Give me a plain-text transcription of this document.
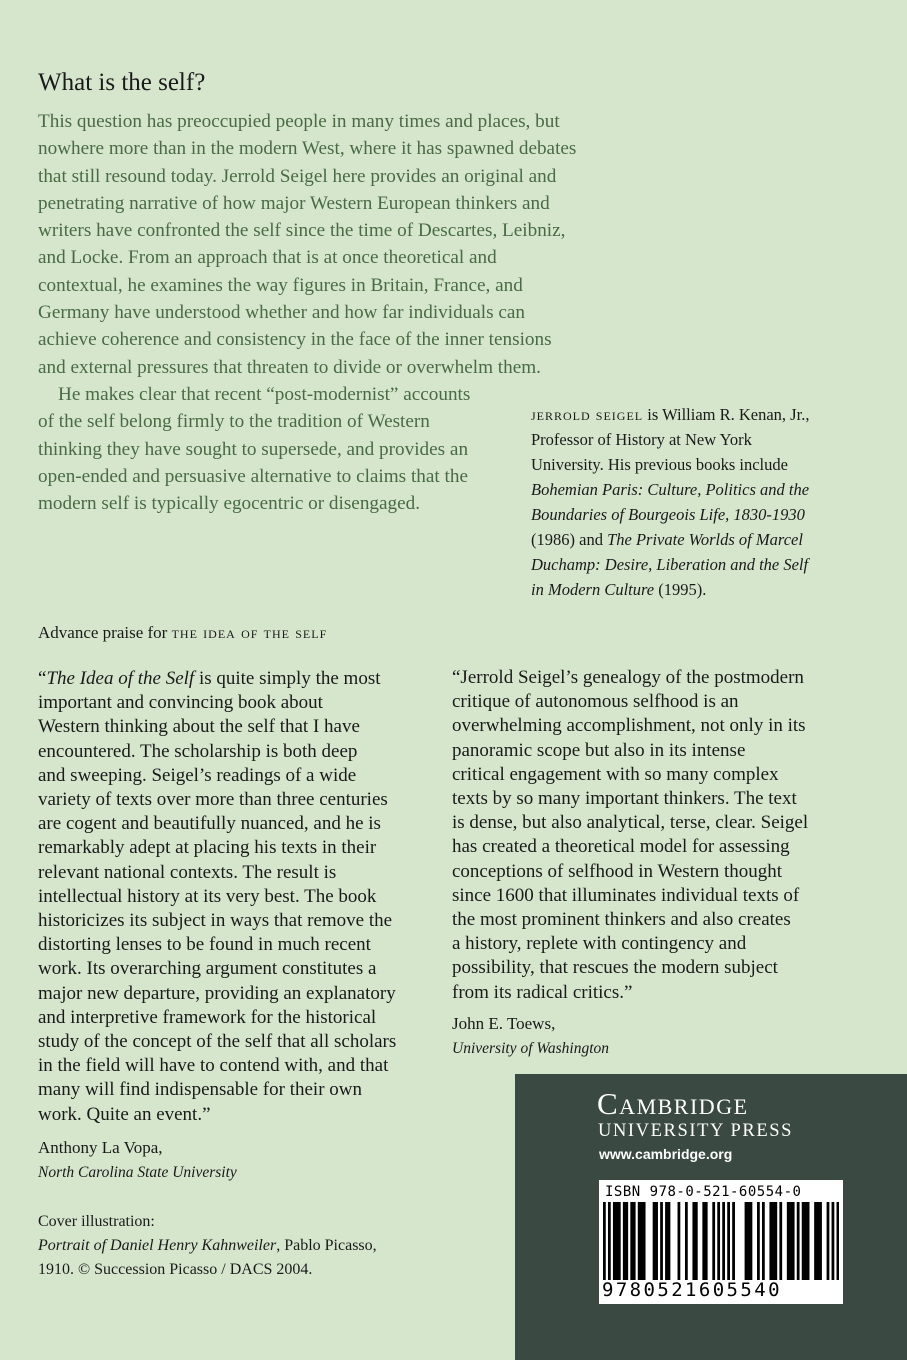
What is the self?
This question has preoccupied people in many times and places, but
nowhere more than in the modern West, where it has spawned debates
that still resound today. Jerrold Seigel here provides an original and
penetrating narrative of how major Western European thinkers and
writers have confronted the self since the time of Descartes, Leibniz,
and Locke. From an approach that is at once theoretical and
contextual, he examines the way figures in Britain, France, and
Germany have understood whether and how far individuals can
achieve coherence and consistency in the face of the inner tensions
and external pressures that threaten to divide or overwhelm them.
He makes clear that recent “post-modernist” accounts
of the self belong firmly to the tradition of Western
thinking they have sought to supersede, and provides an
open-ended and persuasive alternative to claims that the
modern self is typically egocentric or disengaged.
jerrold seigel is William R. Kenan, Jr.,
Professor of History at New York
University. His previous books include
Bohemian Paris: Culture, Politics and the
Boundaries of Bourgeois Life, 1830-1930
(1986) and The Private Worlds of Marcel
Duchamp: Desire, Liberation and the Self
in Modern Culture (1995).
Advance praise for the idea of the self
“The Idea of the Self is quite simply the most
important and convincing book about
Western thinking about the self that I have
encountered. The scholarship is both deep
and sweeping. Seigel’s readings of a wide
variety of texts over more than three centuries
are cogent and beautifully nuanced, and he is
remarkably adept at placing his texts in their
relevant national contexts. The result is
intellectual history at its very best. The book
historicizes its subject in ways that remove the
distorting lenses to be found in much recent
work. Its overarching argument constitutes a
major new departure, providing an explanatory
and interpretive framework for the historical
study of the concept of the self that all scholars
in the field will have to contend with, and that
many will find indispensable for their own
work. Quite an event.”
Anthony La Vopa,
North Carolina State University
“Jerrold Seigel’s genealogy of the postmodern
critique of autonomous selfhood is an
overwhelming accomplishment, not only in its
panoramic scope but also in its intense
critical engagement with so many complex
texts by so many important thinkers. The text
is dense, but also analytical, terse, clear. Seigel
has created a theoretical model for assessing
conceptions of selfhood in Western thought
since 1600 that illuminates individual texts of
the most prominent thinkers and also creates
a history, replete with contingency and
possibility, that rescues the modern subject
from its radical critics.”
John E. Toews,
University of Washington
Cover illustration:
Portrait of Daniel Henry Kahnweiler, Pablo Picasso,
1910. © Succession Picasso / DACS 2004.
Cambridge
UNIVERSITY PRESS
www.cambridge.org
ISBN 978-0-521-60554-0
9780521605540
